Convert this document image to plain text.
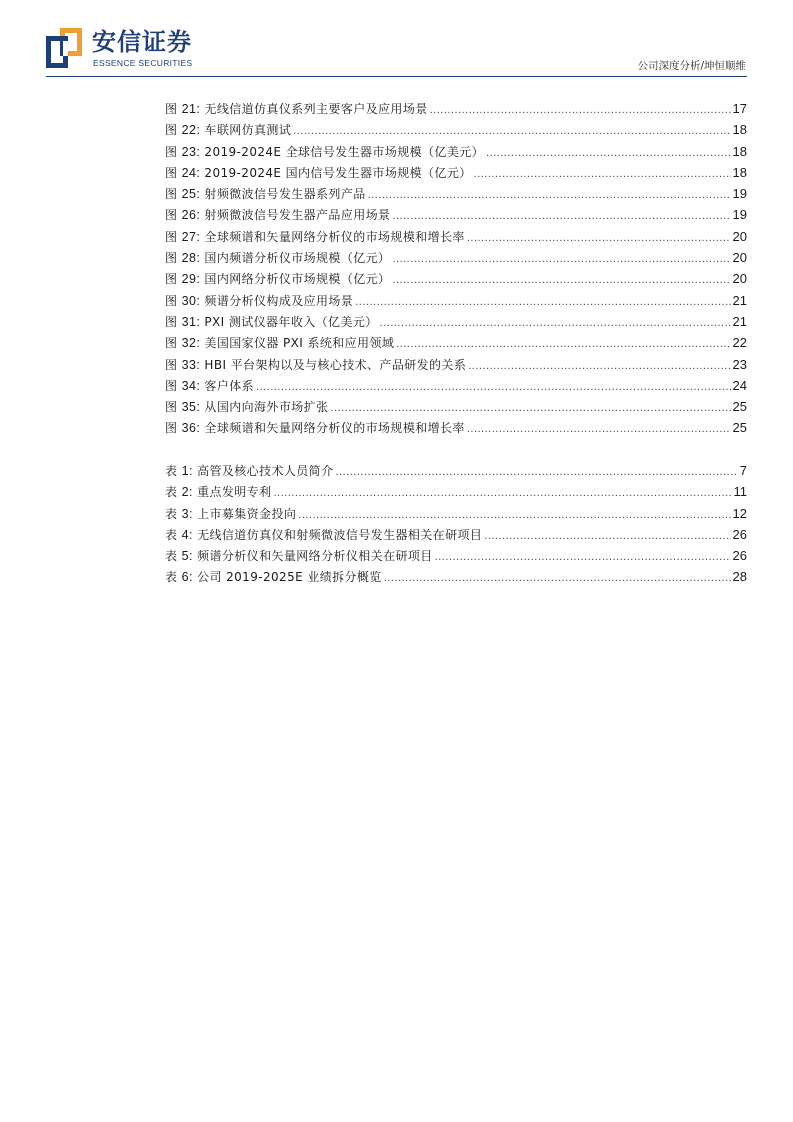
安信证券
ESSENCE SECURITIES	公司深度分析/坤恒顺维
图 21: 无线信道仿真仪系列主要客户及应用场景 .....	17
图 22: 车联网仿真测试 .....	18
图 23: 2019-2024E 全球信号发生器市场规模（亿美元） .....	18
图 24: 2019-2024E 国内信号发生器市场规模（亿元） .....	18
图 25: 射频微波信号发生器系列产品 .....	19
图 26: 射频微波信号发生器产品应用场景 .....	19
图 27: 全球频谱和矢量网络分析仪的市场规模和增长率 .....	20
图 28: 国内频谱分析仪市场规模（亿元） .....	20
图 29: 国内网络分析仪市场规模（亿元） .....	20
图 30: 频谱分析仪构成及应用场景 .....	21
图 31: PXI 测试仪器年收入（亿美元） .....	21
图 32: 美国国家仪器 PXI 系统和应用领域 .....	22
图 33: HBI 平台架构以及与核心技术、产品研发的关系 .....	23
图 34: 客户体系 .....	24
图 35: 从国内向海外市场扩张 .....	25
图 36: 全球频谱和矢量网络分析仪的市场规模和增长率 .....	25
表 1: 高管及核心技术人员简介 .....	7
表 2: 重点发明专利 .....	11
表 3: 上市募集资金投向 .....	12
表 4: 无线信道仿真仪和射频微波信号发生器相关在研项目 .....	26
表 5: 频谱分析仪和矢量网络分析仪相关在研项目 .....	26
表 6: 公司 2019-2025E 业绩拆分概览 .....	28
